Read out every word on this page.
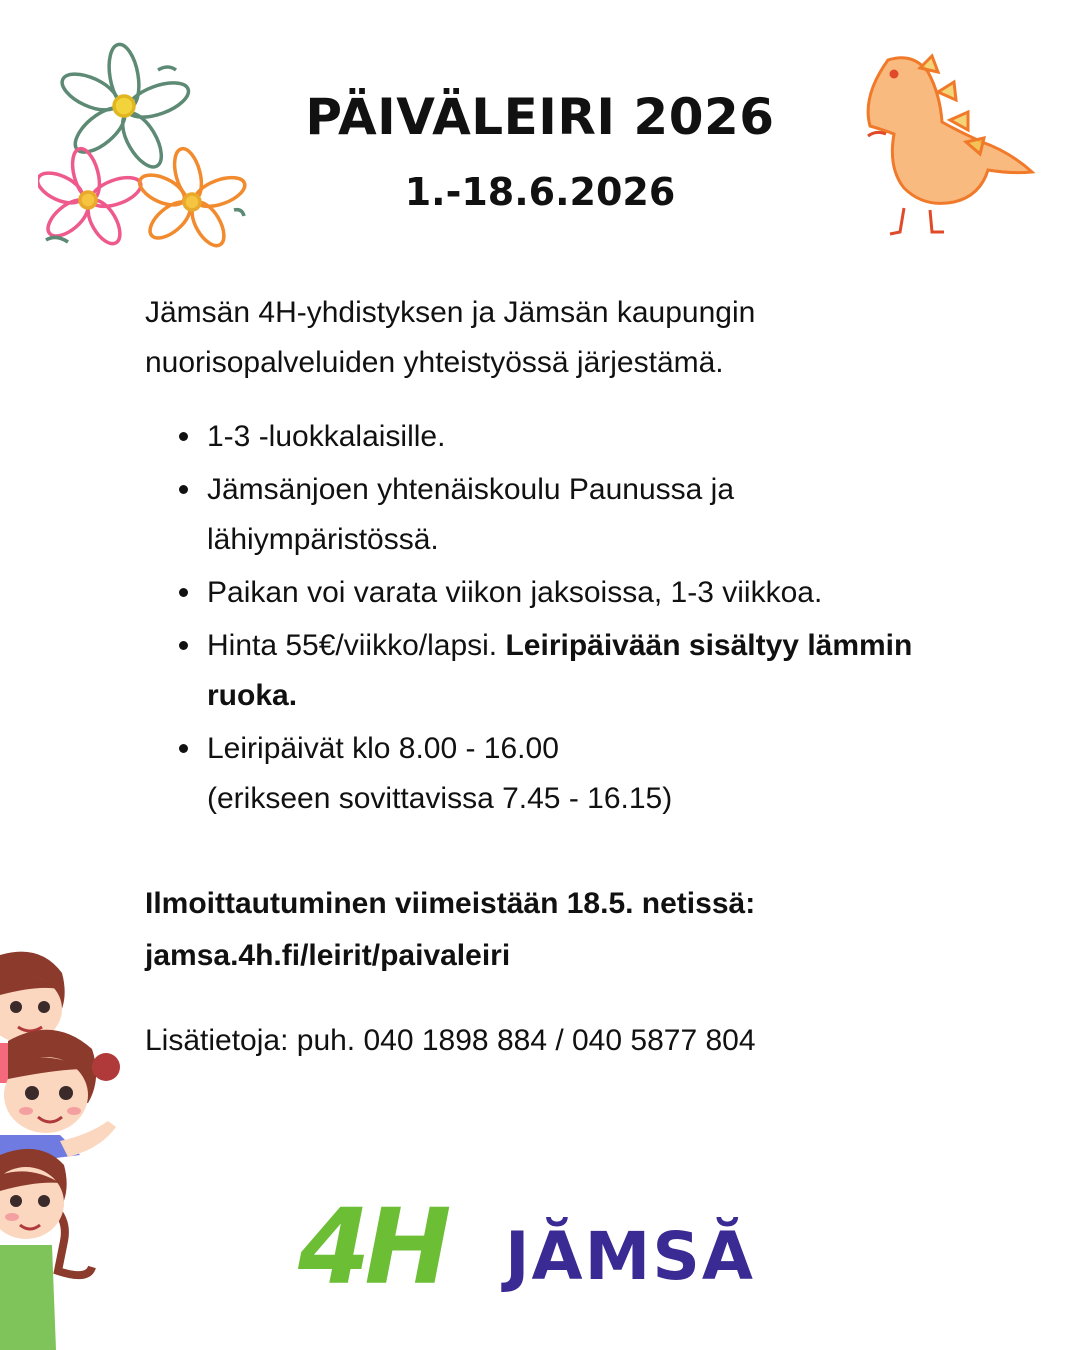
PÄIVÄLEIRI 2026
1.-18.6.2026

Jämsän 4H-yhdistyksen ja Jämsän kaupungin nuorisopalveluiden yhteistyössä järjestämä.

1-3 -luokkalaisille.
Jämsänjoen yhtenäiskoulu Paunussa ja lähiympäristössä.
Paikan voi varata viikon jaksoissa, 1-3 viikkoa.
Hinta 55€/viikko/lapsi. Leiripäivään sisältyy lämmin ruoka.
Leiripäivät klo 8.00 - 16.00
(erikseen sovittavissa 7.45 - 16.15)
Ilmoittautuminen viimeistään 18.5. netissä:
jamsa.4h.fi/leirit/paivaleiri

Lisätietoja: puh. 040 1898 884 / 040 5877 804

4H JĂMSĂ
